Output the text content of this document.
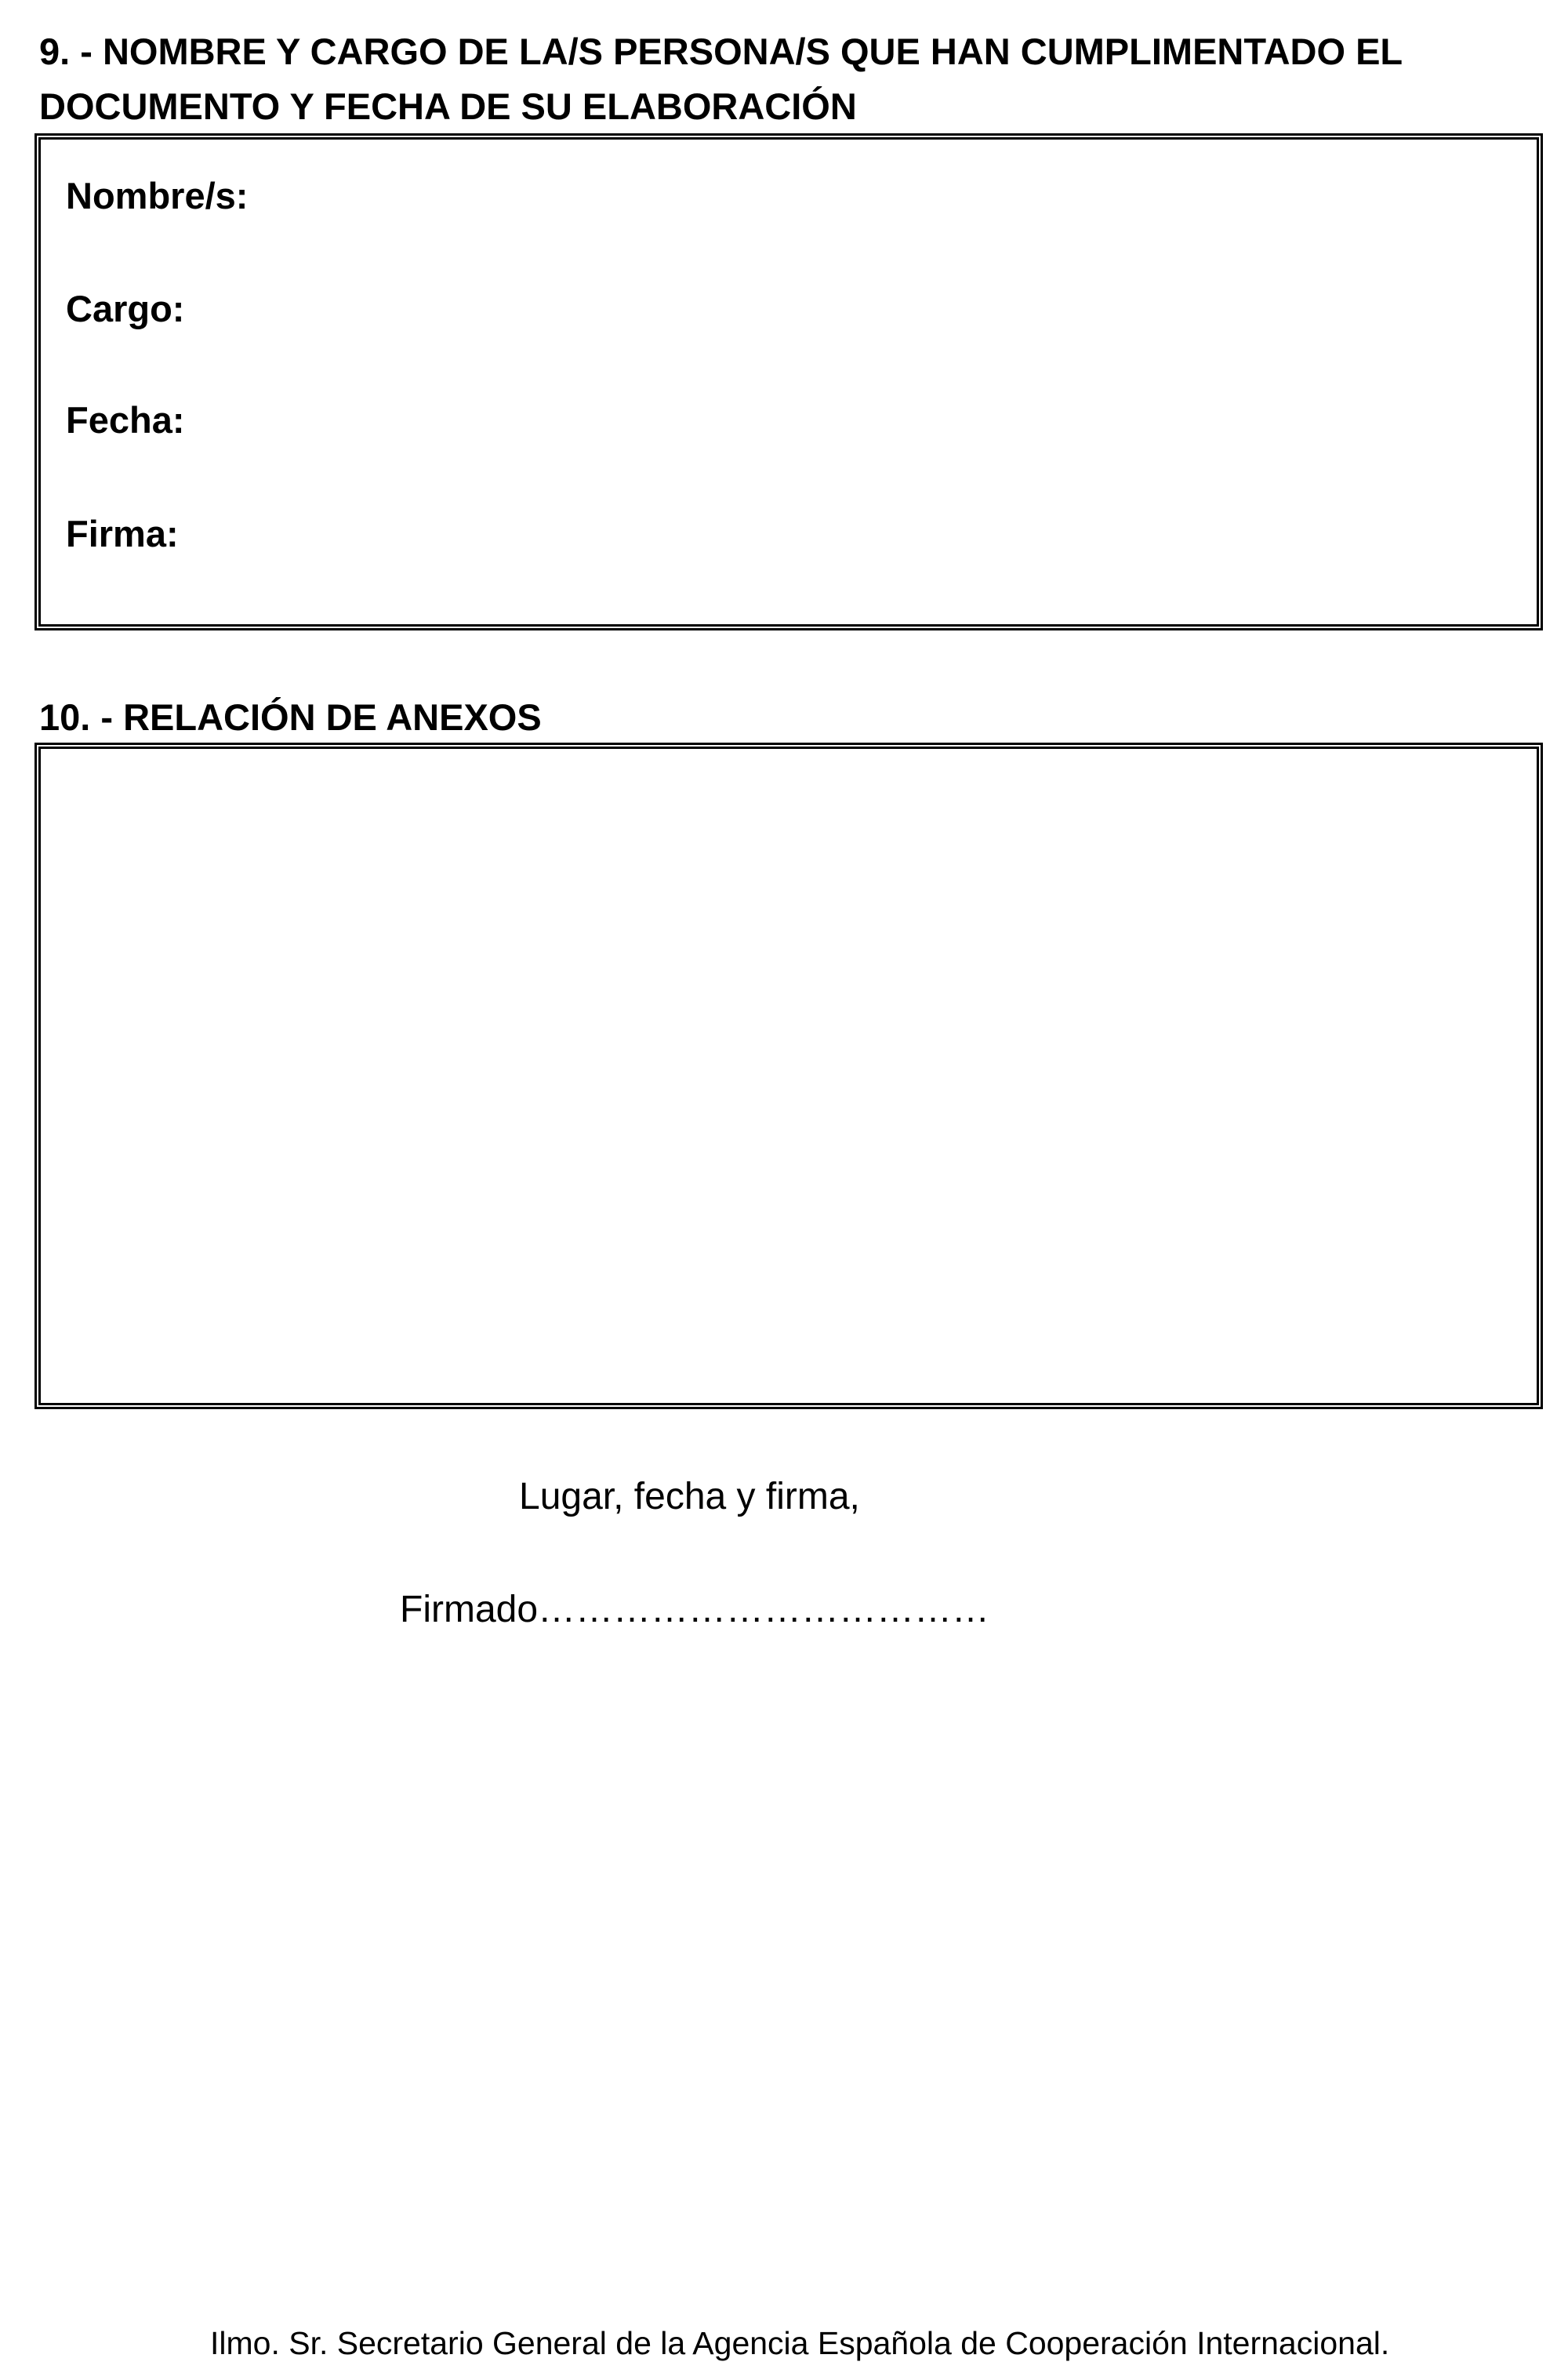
9. - NOMBRE Y CARGO DE LA/S PERSONA/S QUE HAN CUMPLIMENTADO EL
DOCUMENTO Y FECHA DE SU ELABORACIÓN

Nombre/s:

Cargo:

Fecha:

Firma:

10. - RELACIÓN DE ANEXOS

Lugar, fecha y firma,

Firmado………………………………

Ilmo. Sr. Secretario General de la Agencia Española de Cooperación Internacional.
